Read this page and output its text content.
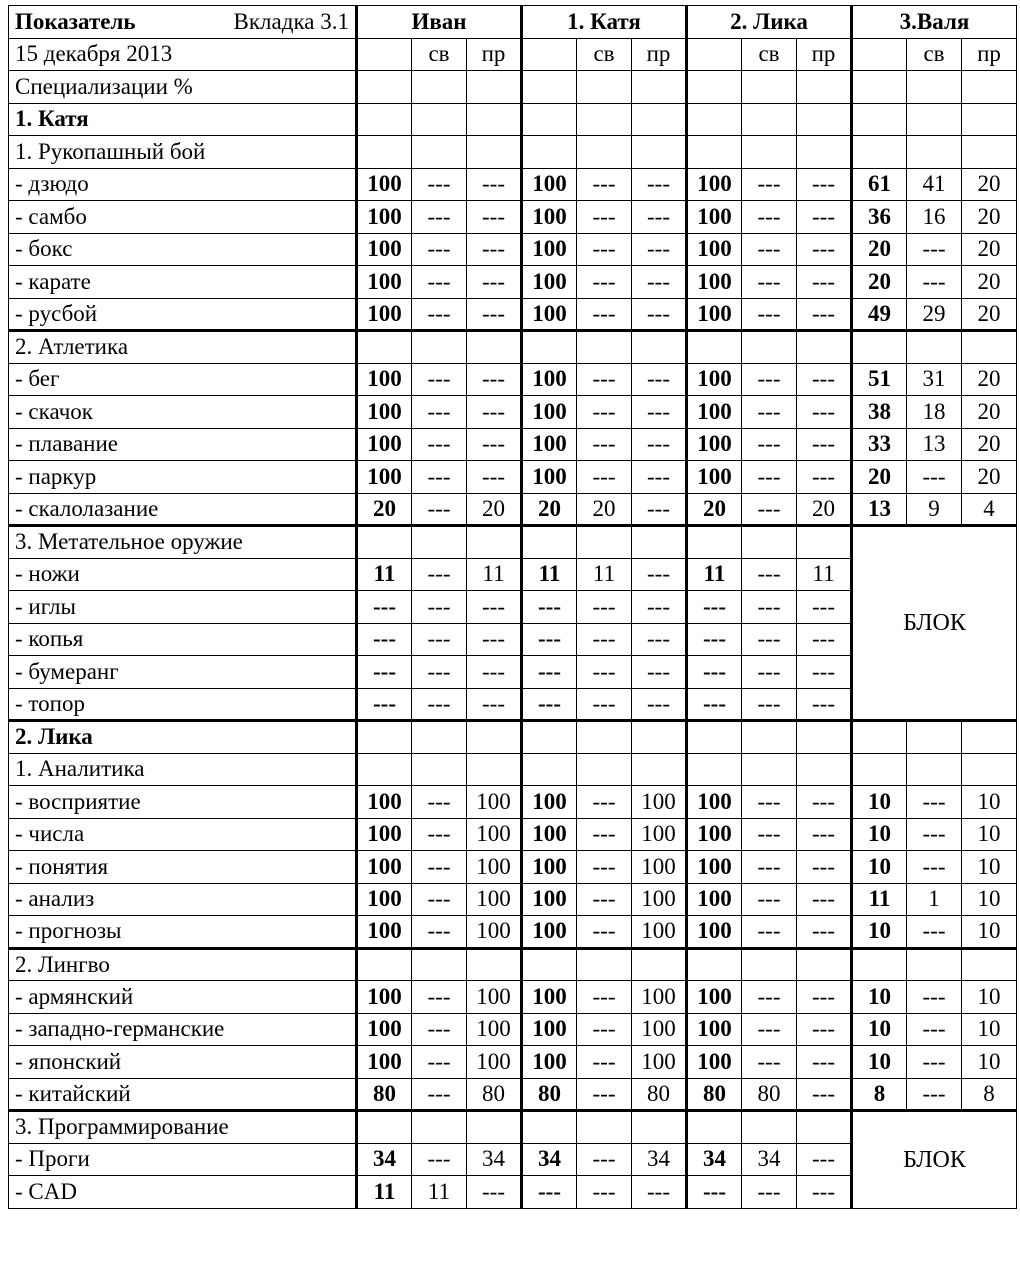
Показатель Вкладка 3.1	Иван			1. Катя			2. Лика			3.Валя		
15 декабря 2013		св	пр		св	пр		св	пр		св	пр
Специализации %												
1. Катя												
1. Рукопашный бой												
- дзюдо	100	---	---	100	---	---	100	---	---	61	41	20
- самбо	100	---	---	100	---	---	100	---	---	36	16	20
- бокс	100	---	---	100	---	---	100	---	---	20	---	20
- карате	100	---	---	100	---	---	100	---	---	20	---	20
- русбой	100	---	---	100	---	---	100	---	---	49	29	20
2. Атлетика												
- бег	100	---	---	100	---	---	100	---	---	51	31	20
- скачок	100	---	---	100	---	---	100	---	---	38	18	20
- плавание	100	---	---	100	---	---	100	---	---	33	13	20
- паркур	100	---	---	100	---	---	100	---	---	20	---	20
- скалолазание	20	---	20	20	20	---	20	---	20	13	9	4
3. Метательное оружие										БЛОК		
- ножи	11	---	11	11	11	---	11	---	11			
- иглы	---	---	---	---	---	---	---	---	---			
- копья	---	---	---	---	---	---	---	---	---			
- бумеранг	---	---	---	---	---	---	---	---	---			
- топор	---	---	---	---	---	---	---	---	---			
2. Лика												
1. Аналитика												
- восприятие	100	---	100	100	---	100	100	---	---	10	---	10
- числа	100	---	100	100	---	100	100	---	---	10	---	10
- понятия	100	---	100	100	---	100	100	---	---	10	---	10
- анализ	100	---	100	100	---	100	100	---	---	11	1	10
- прогнозы	100	---	100	100	---	100	100	---	---	10	---	10
2. Лингво												
- армянский	100	---	100	100	---	100	100	---	---	10	---	10
- западно-германские	100	---	100	100	---	100	100	---	---	10	---	10
- японский	100	---	100	100	---	100	100	---	---	10	---	10
- китайский	80	---	80	80	---	80	80	80	---	8	---	8
3. Программирование										БЛОК		
- Проги	34	---	34	34	---	34	34	34	---			
- CAD	11	11	---	---	---	---	---	---	---			
